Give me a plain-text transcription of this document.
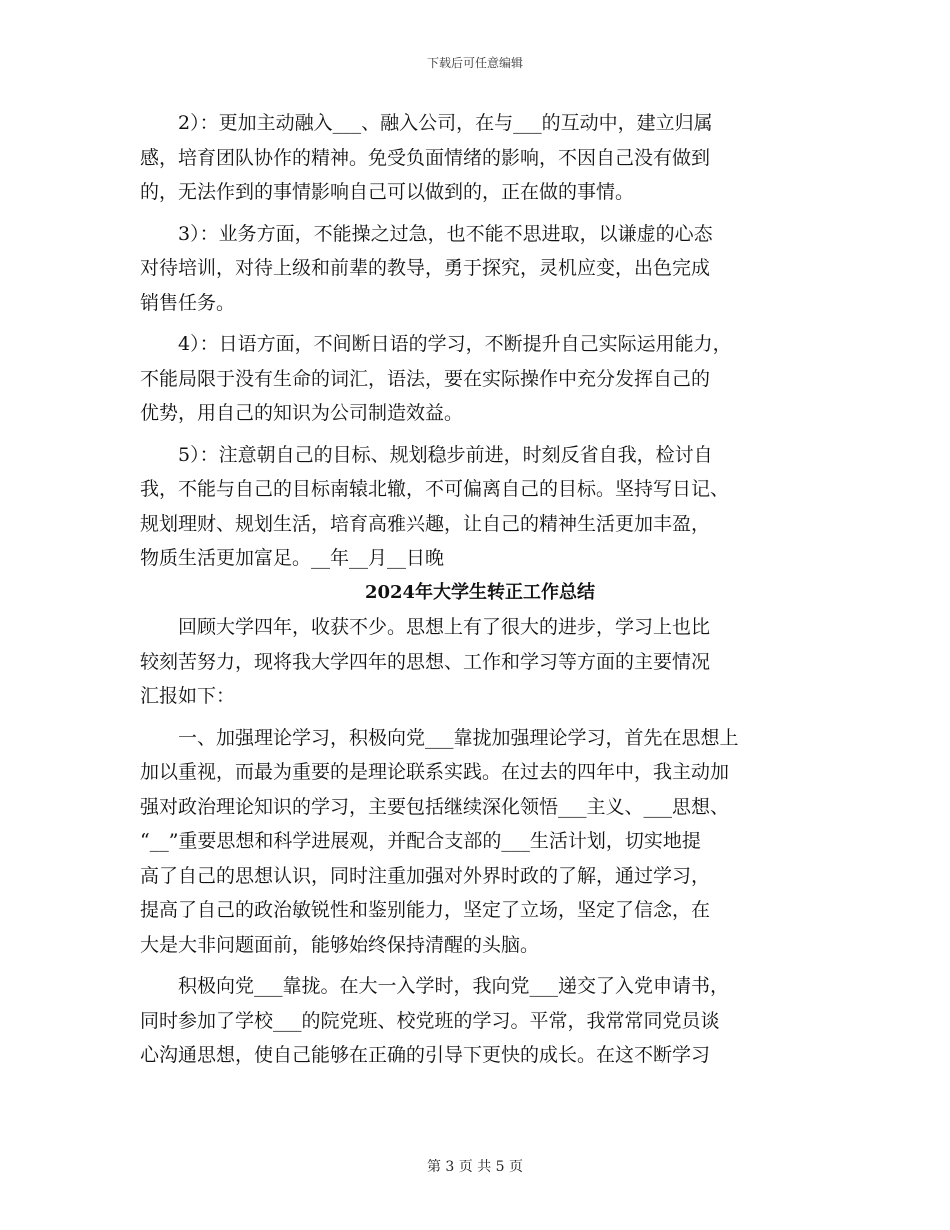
下载后可任意编辑
　　2）：更加主动融入___、融入公司，在与___的互动中，建立归属
感，培育团队协作的精神。免受负面情绪的影响，不因自己没有做到
的，无法作到的事情影响自己可以做到的，正在做的事情。
　　3）：业务方面，不能操之过急，也不能不思进取，以谦虚的心态
对待培训，对待上级和前辈的教导，勇于探究，灵机应变，出色完成
销售任务。
　　4）：日语方面，不间断日语的学习，不断提升自己实际运用能力，
不能局限于没有生命的词汇，语法，要在实际操作中充分发挥自己的
优势，用自己的知识为公司制造效益。
　　5）：注意朝自己的目标、规划稳步前进，时刻反省自我，检讨自
我，不能与自己的目标南辕北辙，不可偏离自己的目标。坚持写日记、
规划理财、规划生活，培育高雅兴趣，让自己的精神生活更加丰盈，
物质生活更加富足。__年__月__日晚
2024年大学生转正工作总结
　　回顾大学四年，收获不少。思想上有了很大的进步，学习上也比
较刻苦努力，现将我大学四年的思想、工作和学习等方面的主要情况
汇报如下：
　　一、加强理论学习，积极向党___靠拢加强理论学习，首先在思想上
加以重视，而最为重要的是理论联系实践。在过去的四年中，我主动加
强对政治理论知识的学习，主要包括继续深化领悟___主义、___思想、
“__”重要思想和科学进展观，并配合支部的___生活计划，切实地提
高了自己的思想认识，同时注重加强对外界时政的了解，通过学习，
提高了自己的政治敏锐性和鉴别能力，坚定了立场，坚定了信念，在
大是大非问题面前，能够始终保持清醒的头脑。
　　积极向党___靠拢。在大一入学时，我向党___递交了入党申请书，
同时参加了学校___的院党班、校党班的学习。平常，我常常同党员谈
心沟通思想，使自己能够在正确的引导下更快的成长。在这不断学习
第 3 页 共 5 页
